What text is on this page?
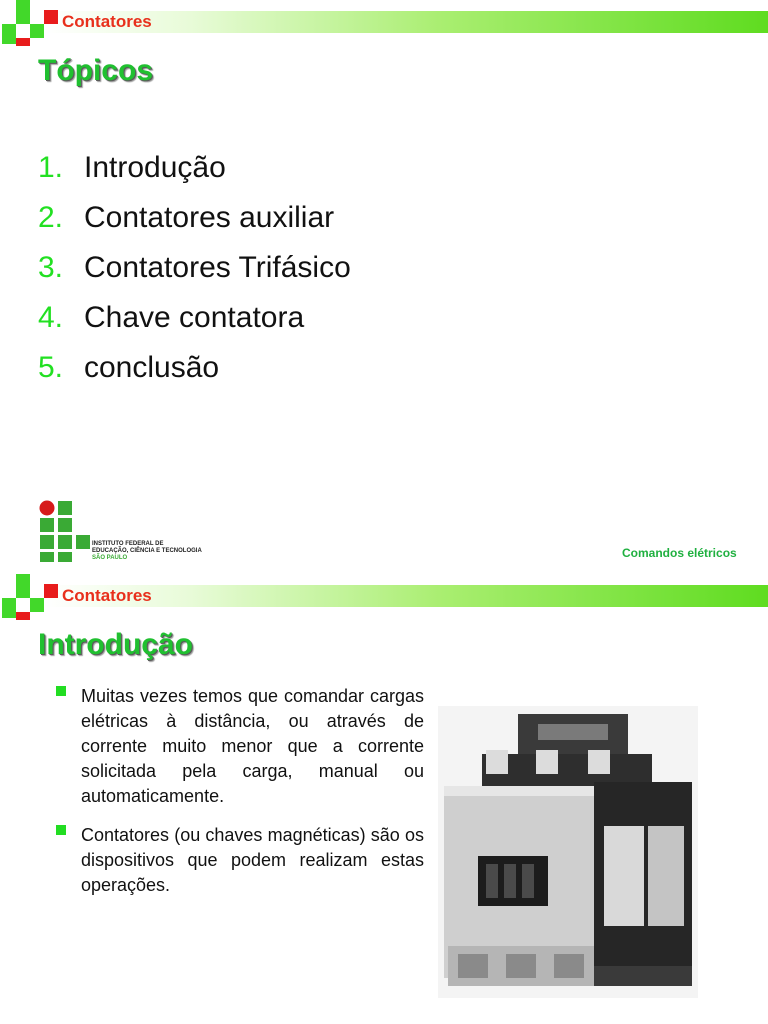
Contatores
Tópicos
1. Introdução
2. Contatores auxiliar
3. Contatores Trifásico
4. Chave contatora
5. conclusão
INSTITUTO FEDERAL DE
EDUCAÇÃO, CIÊNCIA E TECNOLOGIA
SÃO PAULO	Comandos elétricos
Contatores
Introdução
Muitas vezes temos que comandar cargas elétricas à distância, ou através de corrente muito menor que a corrente solicitada pela carga, manual ou automaticamente.
Contatores (ou chaves magnéticas) são os dispositivos que podem realizam estas operações.
